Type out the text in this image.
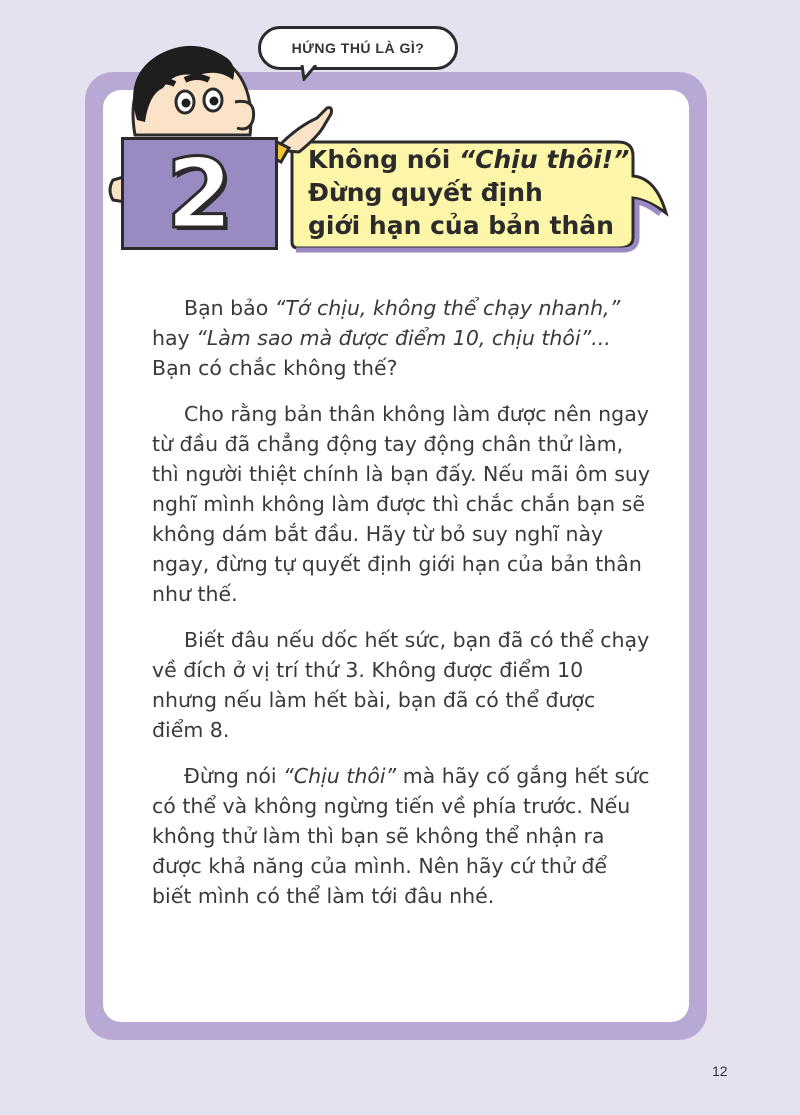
2
HỨNG THÚ LÀ GÌ?
Không nói “Chịu thôi!”
Đừng quyết định
giới hạn của bản thân

Bạn bảo “Tớ chịu, không thể chạy nhanh,” hay “Làm sao mà được điểm 10, chịu thôi”... Bạn có chắc không thế?

Cho rằng bản thân không làm được nên ngay từ đầu đã chẳng động tay động chân thử làm, thì người thiệt chính là bạn đấy. Nếu mãi ôm suy nghĩ mình không làm được thì chắc chắn bạn sẽ không dám bắt đầu. Hãy từ bỏ suy nghĩ này ngay, đừng tự quyết định giới hạn của bản thân như thế.

Biết đâu nếu dốc hết sức, bạn đã có thể chạy về đích ở vị trí thứ 3. Không được điểm 10 nhưng nếu làm hết bài, bạn đã có thể được điểm 8.

Đừng nói “Chịu thôi” mà hãy cố gắng hết sức có thể và không ngừng tiến về phía trước. Nếu không thử làm thì bạn sẽ không thể nhận ra được khả năng của mình. Nên hãy cứ thử để biết mình có thể làm tới đâu nhé.

12
